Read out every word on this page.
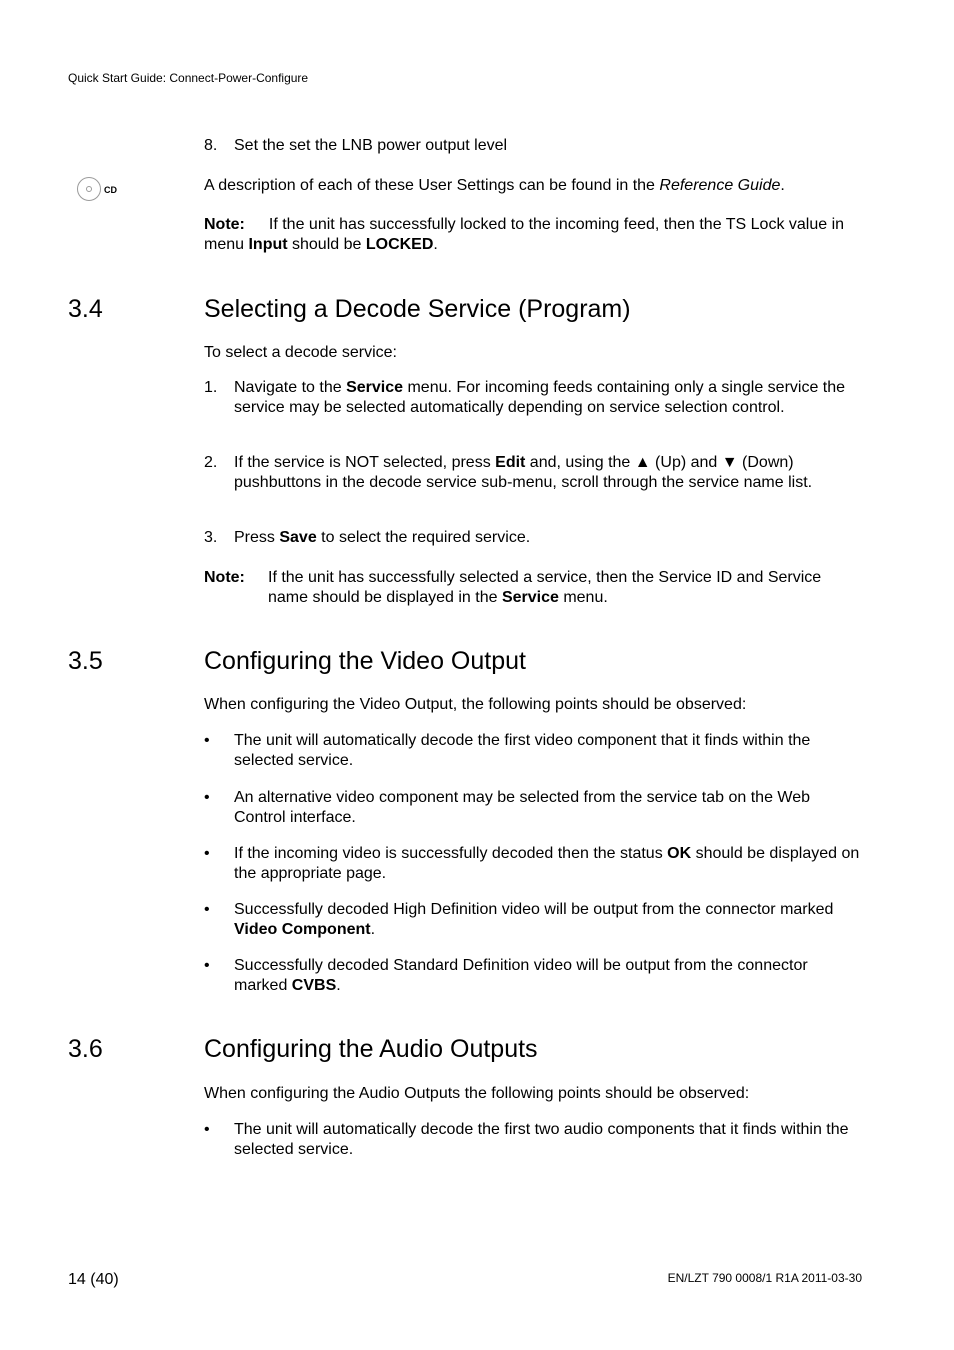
Quick Start Guide: Connect-Power-Configure
8. Set the set the LNB power output level
CD	A description of each of these User Settings can be found in the Reference Guide.
Note: If the unit has successfully locked to the incoming feed, then the TS Lock value in menu Input should be LOCKED.
3.4	Selecting a Decode Service (Program)
To select a decode service:
1. Navigate to the Service menu. For incoming feeds containing only a single service the service may be selected automatically depending on service selection control.
2. If the service is NOT selected, press Edit and, using the ▲ (Up) and ▼ (Down) pushbuttons in the decode service sub-menu, scroll through the service name list.
3. Press Save to select the required service.
Note: If the unit has successfully selected a service, then the Service ID and Service name should be displayed in the Service menu.
3.5	Configuring the Video Output
When configuring the Video Output, the following points should be observed:
• The unit will automatically decode the first video component that it finds within the selected service.
• An alternative video component may be selected from the service tab on the Web Control interface.
• If the incoming video is successfully decoded then the status OK should be displayed on the appropriate page.
• Successfully decoded High Definition video will be output from the connector marked Video Component.
• Successfully decoded Standard Definition video will be output from the connector marked CVBS.
3.6	Configuring the Audio Outputs
When configuring the Audio Outputs the following points should be observed:
• The unit will automatically decode the first two audio components that it finds within the selected service.
14 (40)	EN/LZT 790 0008/1 R1A 2011-03-30
